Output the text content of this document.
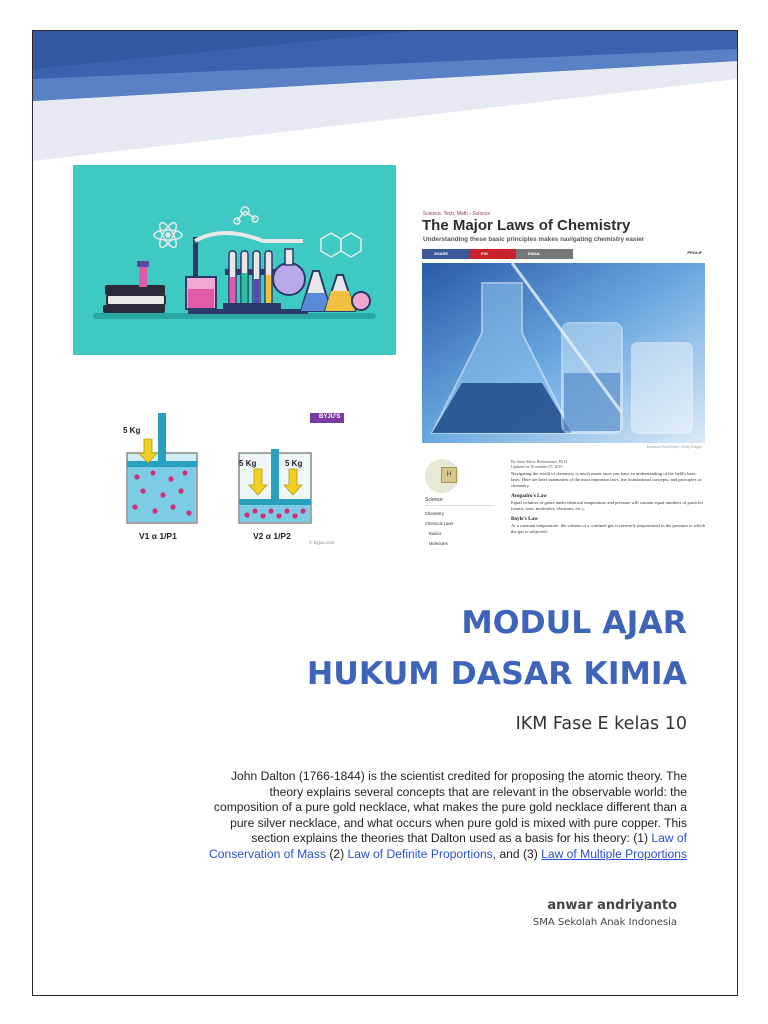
BYJU'S
5 Kg
5 Kg	5 Kg
V1 α 1/P1	V2 α 1/P2
© Byjus.com
Science, Tech, Math › Science
The Major Laws of Chemistry
Understanding these basic principles makes navigating chemistry easier
SHARE	PIN	EMAIL	PROLIF
Emanuel Roth/Getty / Getty Images
H
Science
Chemistry
Chemical Laws
Basics
Molecules
By Anne Marie Helmenstine, Ph.D.
Updated on November 07, 2019
Navigating the world of chemistry is much easier once you have an understanding of the field's basic laws. Here are brief summaries of the most important laws, the foundational concepts, and principles of chemistry.
Avogadro's Law
Equal volumes of gases under identical temperature and pressure will contain equal numbers of particles (atoms, ions, molecules, electrons, etc.).
Boyle's Law
At a constant temperature, the volume of a confined gas is inversely proportional to the pressure to which the gas is subjected.
MODUL AJAR
HUKUM DASAR KIMIA
IKM Fase E kelas 10
John Dalton (1766-1844) is the scientist credited for proposing the atomic theory. The theory explains several concepts that are relevant in the observable world: the composition of a pure gold necklace, what makes the pure gold necklace different than a pure silver necklace, and what occurs when pure gold is mixed with pure copper. This section explains the theories that Dalton used as a basis for his theory: (1) Law of Conservation of Mass (2) Law of Definite Proportions, and (3) Law of Multiple Proportions
anwar andriyanto
SMA Sekolah Anak Indonesia
